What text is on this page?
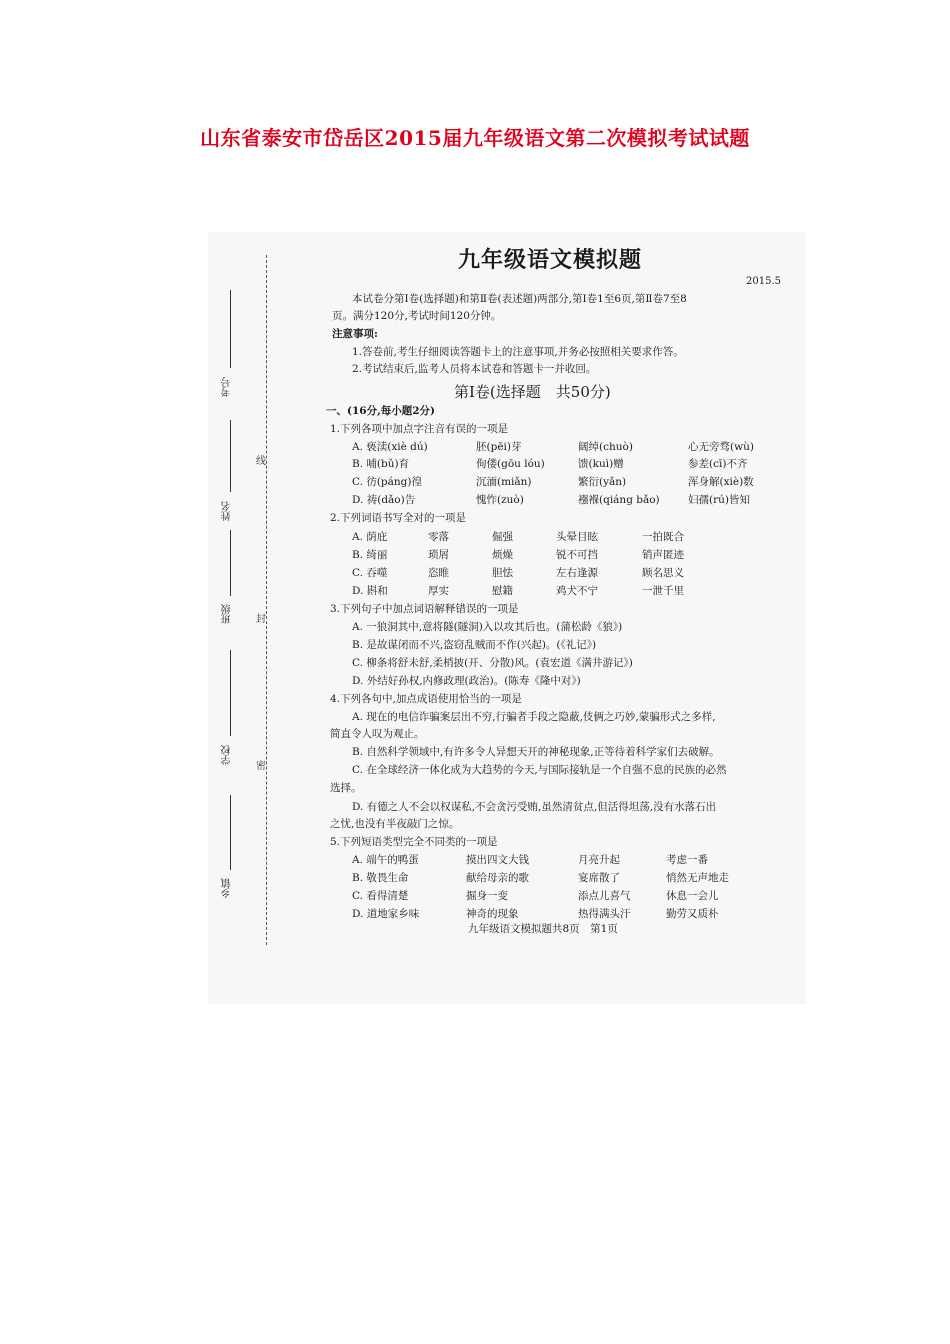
山东省泰安市岱岳区2015届九年级语文第二次模拟考试试题
考号
姓名
班级
学校
乡镇
线
封
密
九年级语文模拟题
2015.5
本试卷分第Ⅰ卷(选择题)和第Ⅱ卷(表述题)两部分,第Ⅰ卷1至6页,第Ⅱ卷7至8
页。满分120分,考试时间120分钟。
注意事项:
1.答卷前,考生仔细阅读答题卡上的注意事项,并务必按照相关要求作答。
2.考试结束后,监考人员将本试卷和答题卡一并收回。
第Ⅰ卷(选择题　共50分)
一、(16分,每小题2分)
1.下列各项中加点字注音有误的一项是
A. 亵渎(xiè dú)	胚(pēi)芽	阔绰(chuò)	心无旁骛(wù)
B. 哺(bǔ)育	佝偻(gōu lóu)	馈(kuì)赠	参差(cī)不齐
C. 彷(páng)徨	沉湎(miǎn)	繁衍(yǎn)	浑身解(xiè)数
D. 祷(dǎo)告	愧怍(zuò)	襁褓(qiáng bǎo)	妇孺(rú)皆知
2.下列词语书写全对的一项是
A. 荫庇	零落	倔强	头晕目眩	一拍既合
B. 绮丽	琐屑	烦燥	锐不可挡	销声匿迹
C. 吞噬	恣睢	胆怯	左右逢源	顾名思义
D. 斟和	厚实	慰籍	鸡犬不宁	一泄千里
3.下列句子中加点词语解释错误的一项是
A. 一狼洞其中,意将隧(隧洞)入以攻其后也。(蒲松龄《狼》)
B. 是故谋闭而不兴,盗窃乱贼而不作(兴起)。(《礼记》)
C. 柳条将舒未舒,柔梢披(开、分散)风。(袁宏道《满井游记》)
D. 外结好孙权,内修政理(政治)。(陈寿《隆中对》)
4.下列各句中,加点成语使用恰当的一项是
A. 现在的电信诈骗案层出不穷,行骗者手段之隐蔽,伎俩之巧妙,蒙骗形式之多样,
简直令人叹为观止。
B. 自然科学领域中,有许多令人异想天开的神秘现象,正等待着科学家们去破解。
C. 在全球经济一体化成为大趋势的今天,与国际接轨是一个自强不息的民族的必然
选择。
D. 有德之人不会以权谋私,不会贪污受贿,虽然清贫点,但活得坦荡,没有水落石出
之忧,也没有半夜敲门之惊。
5.下列短语类型完全不同类的一项是
A. 端午的鸭蛋	摸出四文大钱	月亮升起	考虑一番
B. 敬畏生命	献给母亲的歌	宴席散了	悄然无声地走
C. 看得清楚	掘身一变	添点儿喜气	休息一会儿
D. 道地家乡味	神奇的现象	热得满头汗	勤劳又质朴
九年级语文模拟题共8页　第1页
